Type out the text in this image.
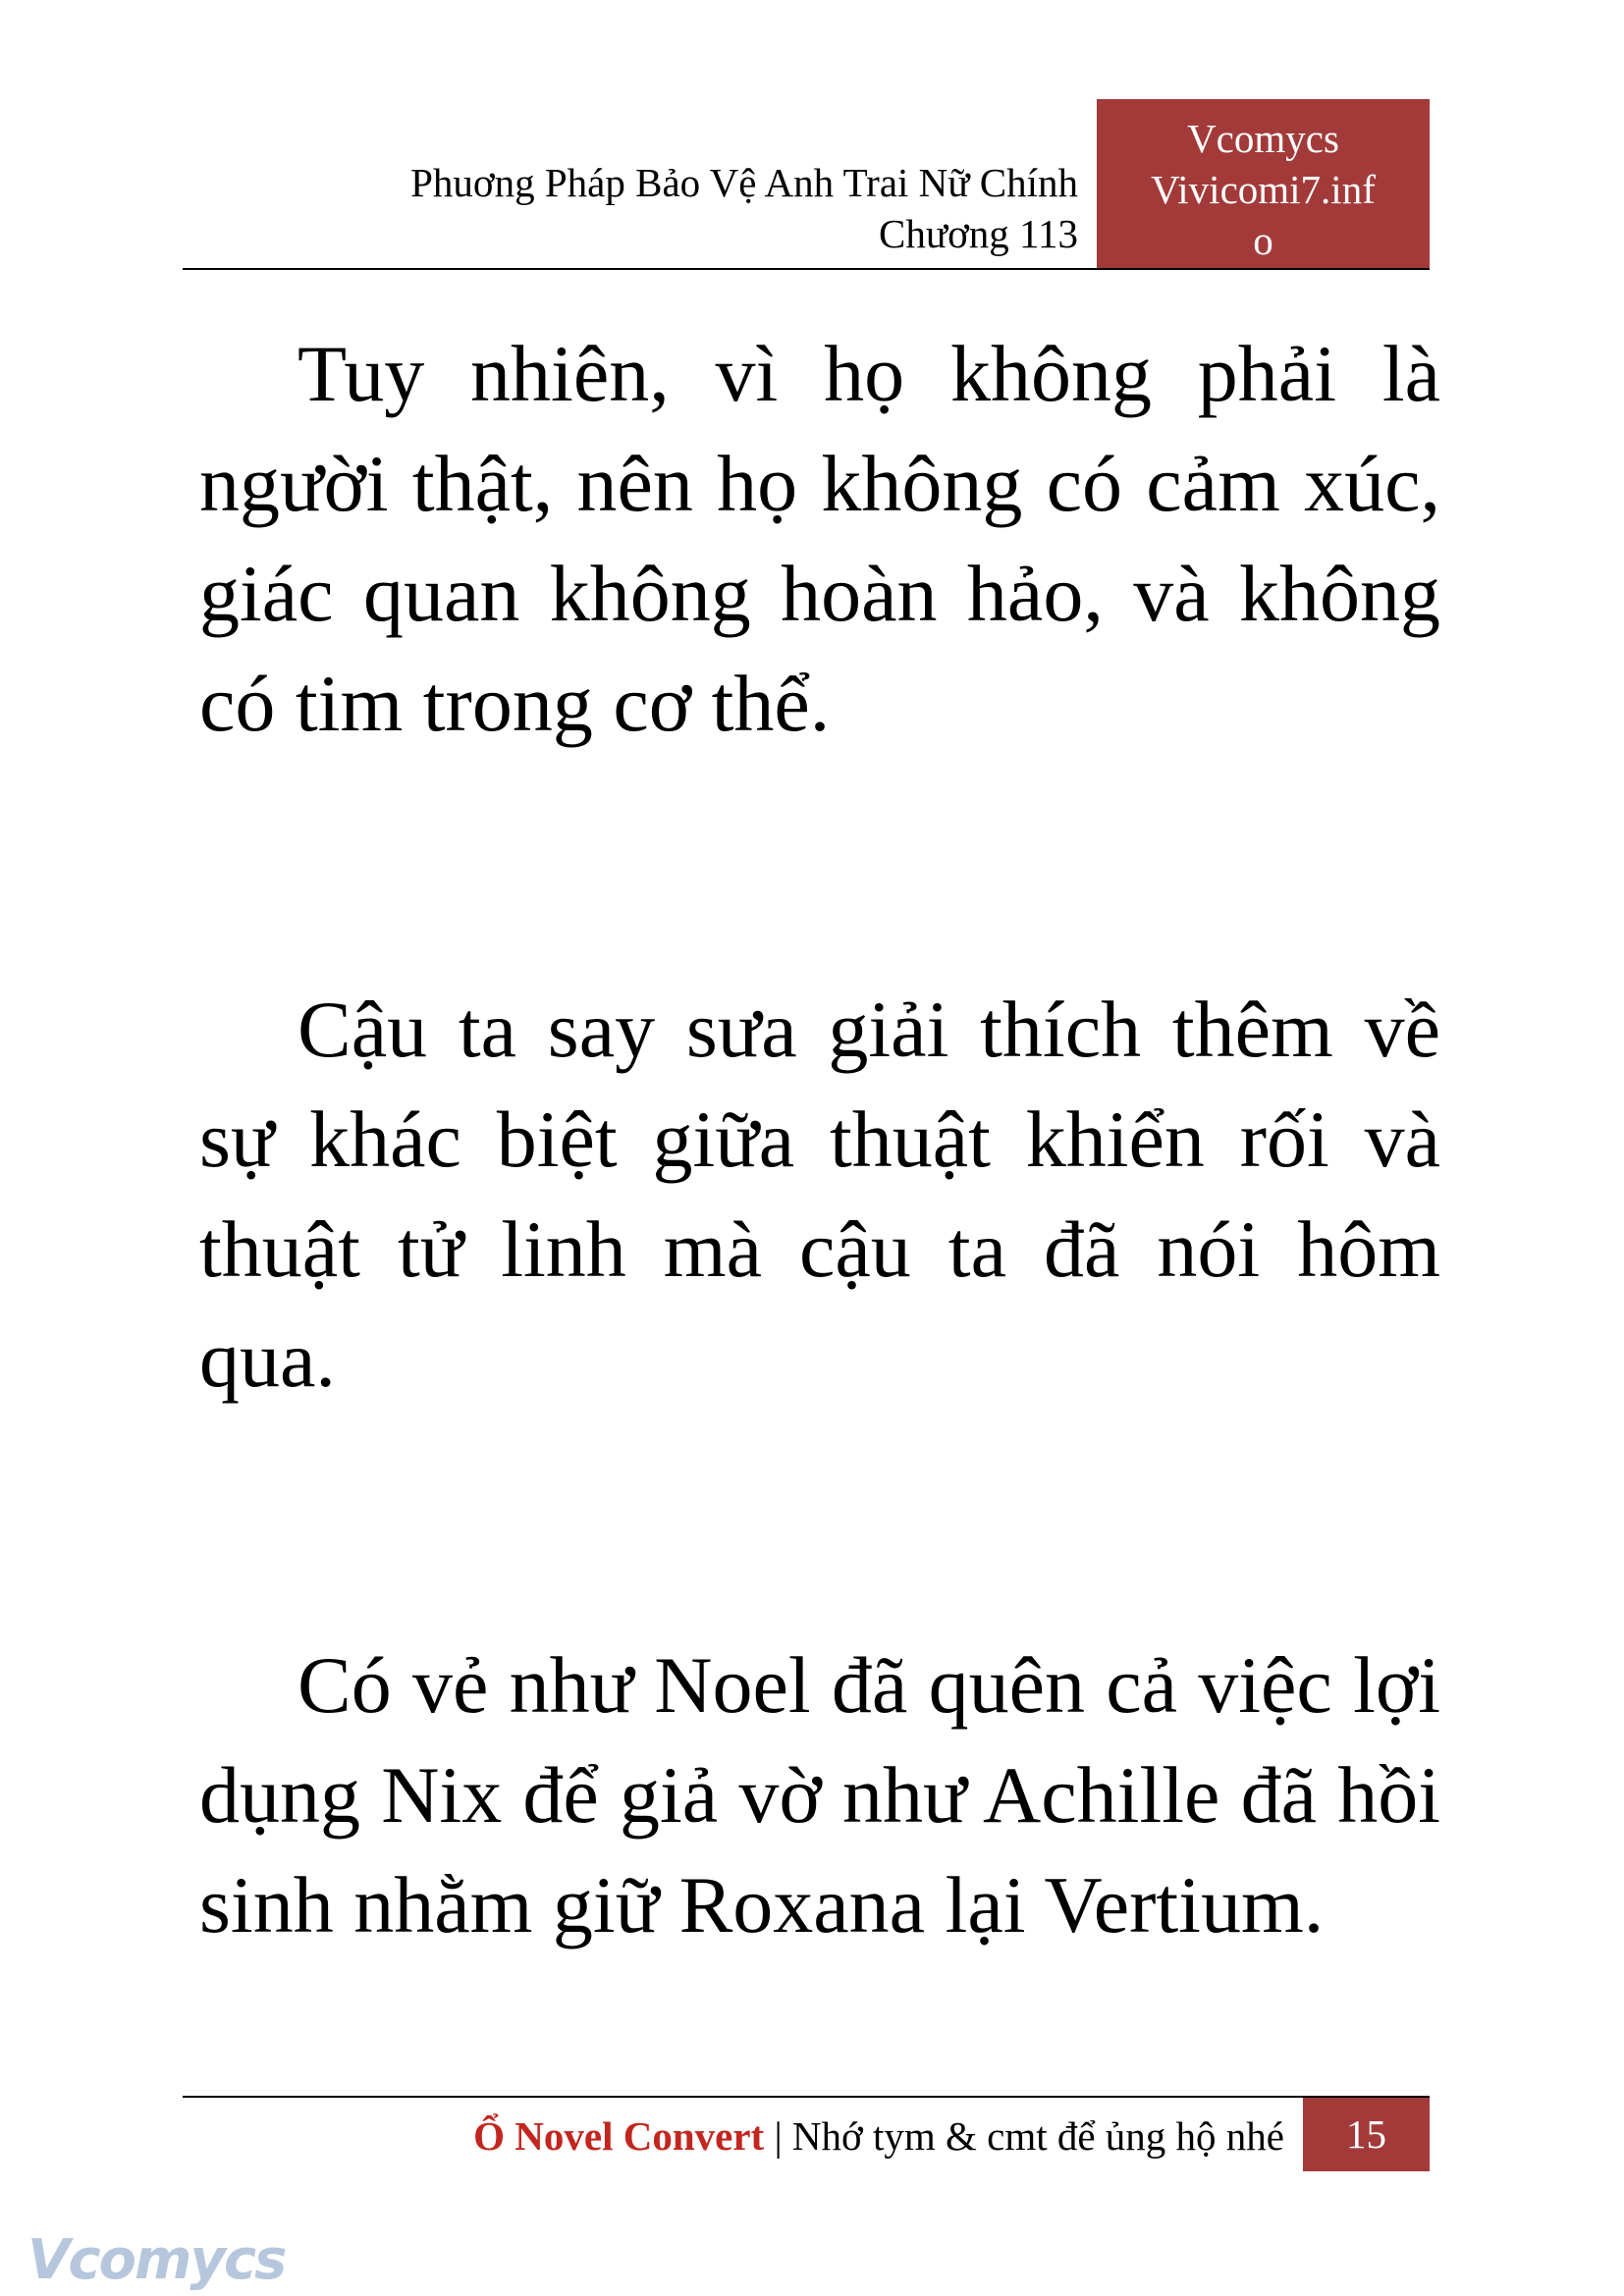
Phuơng Pháp Bảo Vệ Anh Trai Nữ Chính
Chương 113
Vcomycs
Vivicomi7.inf
o

Tuy nhiên, vì họ không phải là người thật, nên họ không có cảm xúc, giác quan không hoàn hảo, và không có tim trong cơ thể.

Cậu ta say sưa giải thích thêm về sự khác biệt giữa thuật khiển rối và thuật tử linh mà cậu ta đã nói hôm qua.

Có vẻ như Noel đã quên cả việc lợi dụng Nix để giả vờ như Achille đã hồi sinh nhằm giữ Roxana lại Vertium.

Ổ Novel Convert | Nhớ tym & cmt để ủng hộ nhé	15
Vcomycs
